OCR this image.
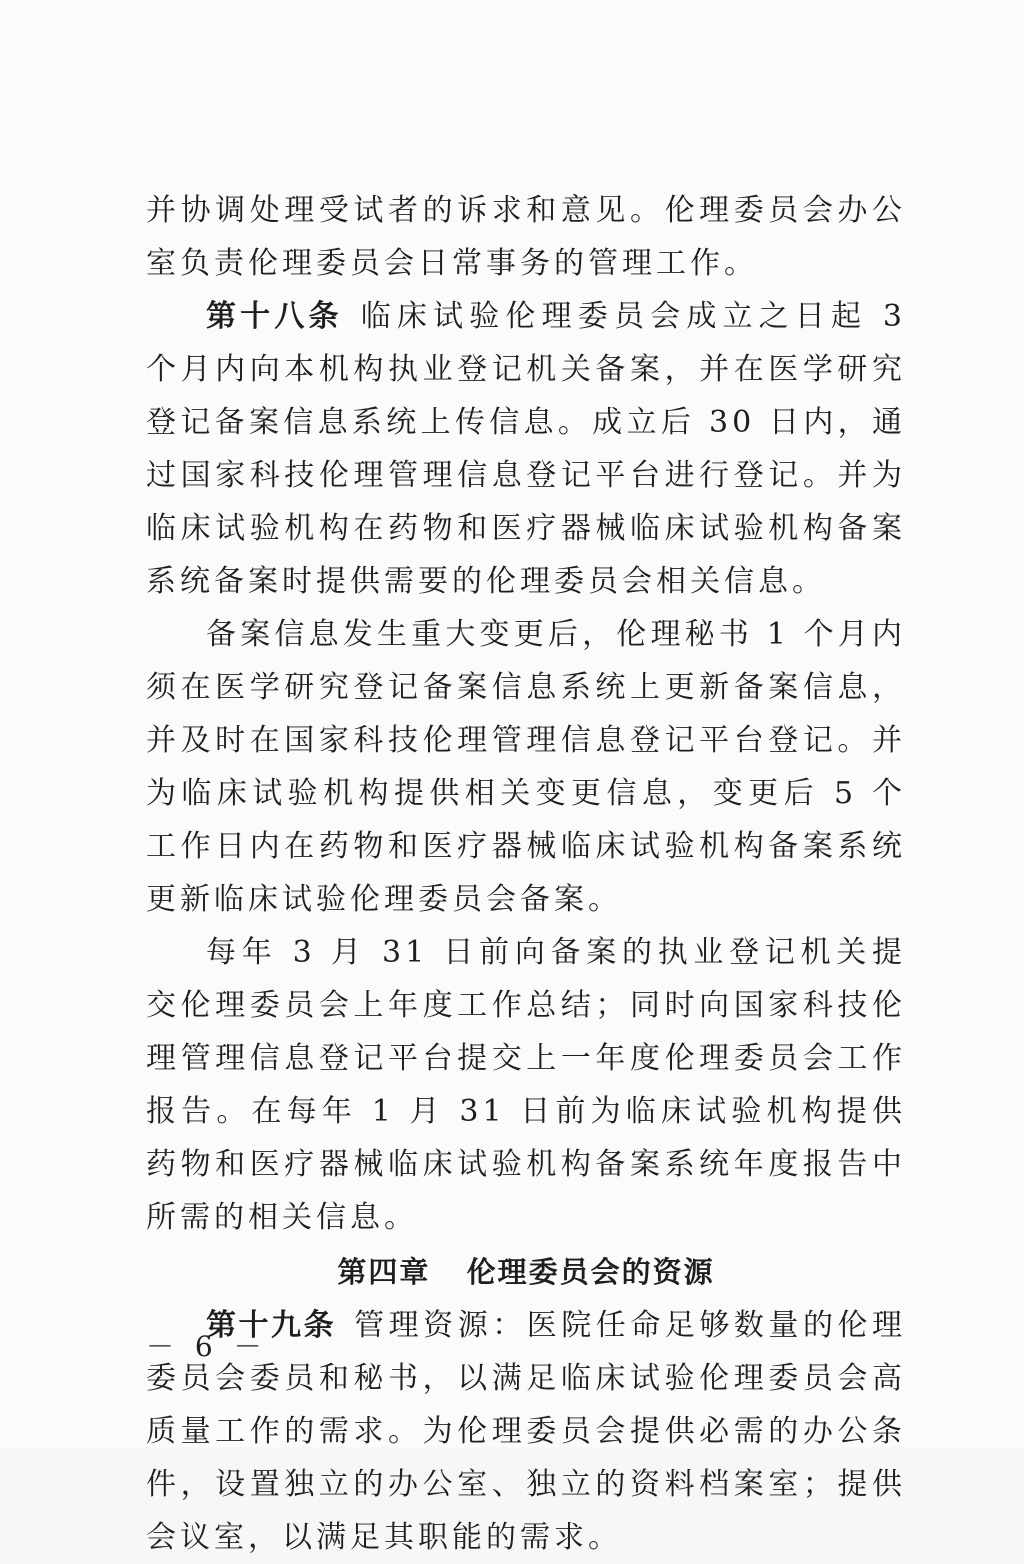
并协调处理受试者的诉求和意见。伦理委员会办公室负责伦理委员会日常事务的管理工作。

第十八条 临床试验伦理委员会成立之日起 3 个月内向本机构执业登记机关备案，并在医学研究登记备案信息系统上传信息。成立后 30 日内，通过国家科技伦理管理信息登记平台进行登记。并为临床试验机构在药物和医疗器械临床试验机构备案系统备案时提供需要的伦理委员会相关信息。

备案信息发生重大变更后，伦理秘书 1 个月内须在医学研究登记备案信息系统上更新备案信息，并及时在国家科技伦理管理信息登记平台登记。并为临床试验机构提供相关变更信息，变更后 5 个工作日内在药物和医疗器械临床试验机构备案系统更新临床试验伦理委员会备案。

每年 3 月 31 日前向备案的执业登记机关提交伦理委员会上年度工作总结；同时向国家科技伦理管理信息登记平台提交上一年度伦理委员会工作报告。在每年 1 月 31 日前为临床试验机构提供药物和医疗器械临床试验机构备案系统年度报告中所需的相关信息。

第四章   伦理委员会的资源

第十九条 管理资源：医院任命足够数量的伦理委员会委员和秘书，以满足临床试验伦理委员会高质量工作的需求。为伦理委员会提供必需的办公条件，设置独立的办公室、独立的资料档案室；提供会议室，以满足其职能的需求。

－ 6 －
